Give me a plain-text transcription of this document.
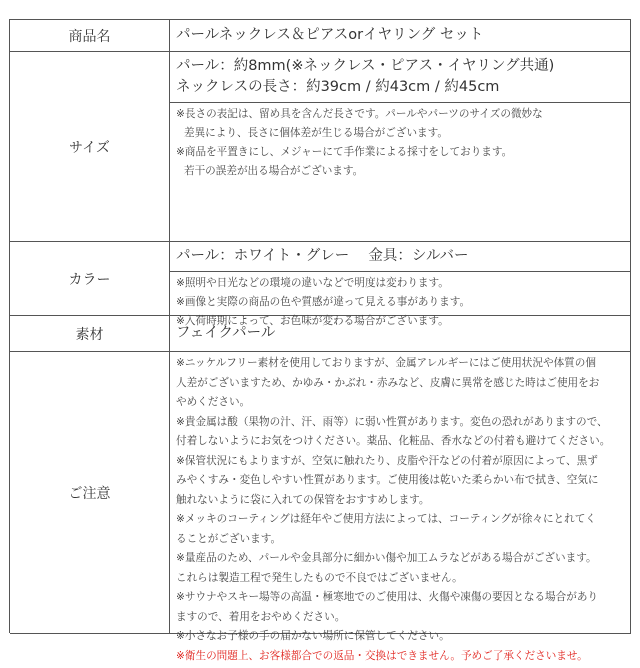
商品名	パールネックレス＆ピアスorイヤリング セット
サイズ
パール：約8mm(※ネックレス・ピアス・イヤリング共通)
ネックレスの長さ：約39cm / 約43cm / 約45cm
※長さの表記は、留め具を含んだ長さです。パールやパーツのサイズの微妙な
差異により、長さに個体差が生じる場合がございます。
※商品を平置きにし、メジャーにて手作業による採寸をしております。
若干の誤差が出る場合がございます。
カラー
パール：ホワイト・グレー　 金具：シルバー
※照明や日光などの環境の違いなどで明度は変わります。
※画像と実際の商品の色や質感が違って見える事があります。
※入荷時期によって、お色味が変わる場合がございます。
素材	フェイクパール
ご注意
※ニッケルフリー素材を使用しておりますが、金属アレルギーにはご使用状況や体質の個
人差がございますため、かゆみ・かぶれ・赤みなど、皮膚に異常を感じた時はご使用をお
やめください。
※貴金属は酸（果物の汁、汗、雨等）に弱い性質があります。変色の恐れがありますので、
付着しないようにお気をつけください。薬品、化粧品、香水などの付着も避けてください。
※保管状況にもよりますが、空気に触れたり、皮脂や汗などの付着が原因によって、黒ず
みやくすみ・変色しやすい性質があります。ご使用後は乾いた柔らかい布で拭き、空気に
触れないように袋に入れての保管をおすすめします。
※メッキのコーティングは経年やご使用方法によっては、コーティングが徐々にとれてく
ることがございます。
※量産品のため、パールや金具部分に細かい傷や加工ムラなどがある場合がございます。
これらは製造工程で発生したもので不良ではございません。
※サウナやスキー場等の高温・極寒地でのご使用は、火傷や凍傷の要因となる場合があり
ますので、着用をおやめください。
※小さなお子様の手の届かない場所に保管してください。
※衛生の問題上、お客様都合での返品・交換はできません。予めご了承くださいませ。
